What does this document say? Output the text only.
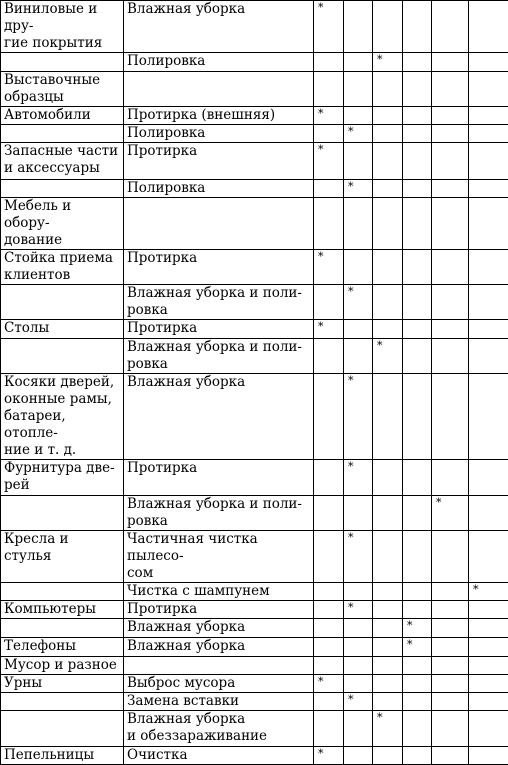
Виниловые и дру-
гие покрытия	Влажная уборка	*					
	Полировка			*			
Выставочные
образцы							
Автомобили	Протирка (внешняя)	*					
	Полировка		*				
Запасные части
и аксессуары	Протирка	*					
	Полировка		*				
Мебель и обору-
дование							
Стойка приема
клиентов	Протирка	*					
	Влажная уборка и поли-
ровка		*				
Столы	Протирка	*					
	Влажная уборка и поли-
ровка			*			
Косяки дверей,
оконные рамы,
батареи, отопле-
ние и т. д.	Влажная уборка		*				
Фурнитура две-
рей	Протирка		*				
	Влажная уборка и поли-
ровка					*	
Кресла и стулья	Частичная чистка пылесо-
сом		*				
	Чистка с шампунем						*
Компьютеры	Протирка		*				
	Влажная уборка				*		
Телефоны	Влажная уборка				*		
Мусор и разное							
Урны	Выброс мусора	*					
	Замена вставки		*				
	Влажная уборка
и обеззараживание			*			
Пепельницы	Очистка	*					
